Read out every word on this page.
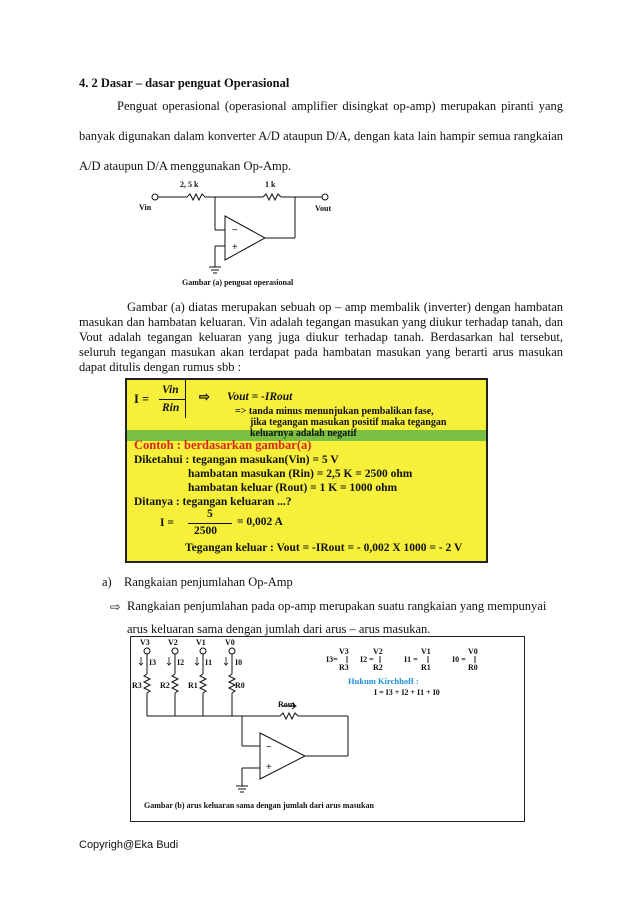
4. 2 Dasar – dasar penguat Operasional
Penguat operasional (operasional amplifier disingkat op-amp) merupakan piranti yang banyak digunakan dalam konverter A/D ataupun D/A, dengan kata lain hampir semua rangkaian A/D ataupun D/A menggunakan Op-Amp.
2, 5 k	1 k
Vin	Vout
−
+
Gambar (a) penguat operasional
Gambar (a) diatas merupakan sebuah op – amp membalik (inverter) dengan hambatan masukan dan hambatan keluaran. Vin adalah tegangan masukan yang diukur terhadap tanah, dan Vout adalah tegangan keluaran yang juga diukur terhadap tanah. Berdasarkan hal tersebut, seluruh tegangan masukan akan terdapat pada hambatan masukan yang berarti arus masukan dapat ditulis dengan rumus sbb :
I =
Vin
Rin
⇨ Vout = -IRout
=> tanda minus menunjukan pembalikan fase,
jika tegangan masukan positif maka tegangan
keluarnya adalah negatif
Contoh : berdasarkan gambar(a)
Diketahui : tegangan masukan(Vin) = 5 V
hambatan masukan (Rin) = 2,5 K = 2500 ohm
hambatan keluar (Rout) = 1 K = 1000 ohm
Ditanya : tegangan keluaran ...?
I =
5
2500
= 0,002 A
Tegangan keluar : Vout = -IRout = - 0,002 X 1000 = - 2 V
a) Rangkaian penjumlahan Op-Amp
⇨ Rangkaian penjumlahan pada op-amp merupakan suatu rangkaian yang mempunyai
arus keluaran sama dengan jumlah dari arus – arus masukan.
V3 V2 V1 V0
I3	I2	I1	I0
R3 R2 R1	R0
Rout
−
+
I3=
V3
R3
I2 =
V2
R2
I1 =
V1
R1
I0 =
V0
R0
Hukum Kirchhoff :
I = I3 + I2 + I1 + I0
Gambar (b) arus keluaran sama dengan jumlah dari arus masukan
Copyrigh@Eka Budi
